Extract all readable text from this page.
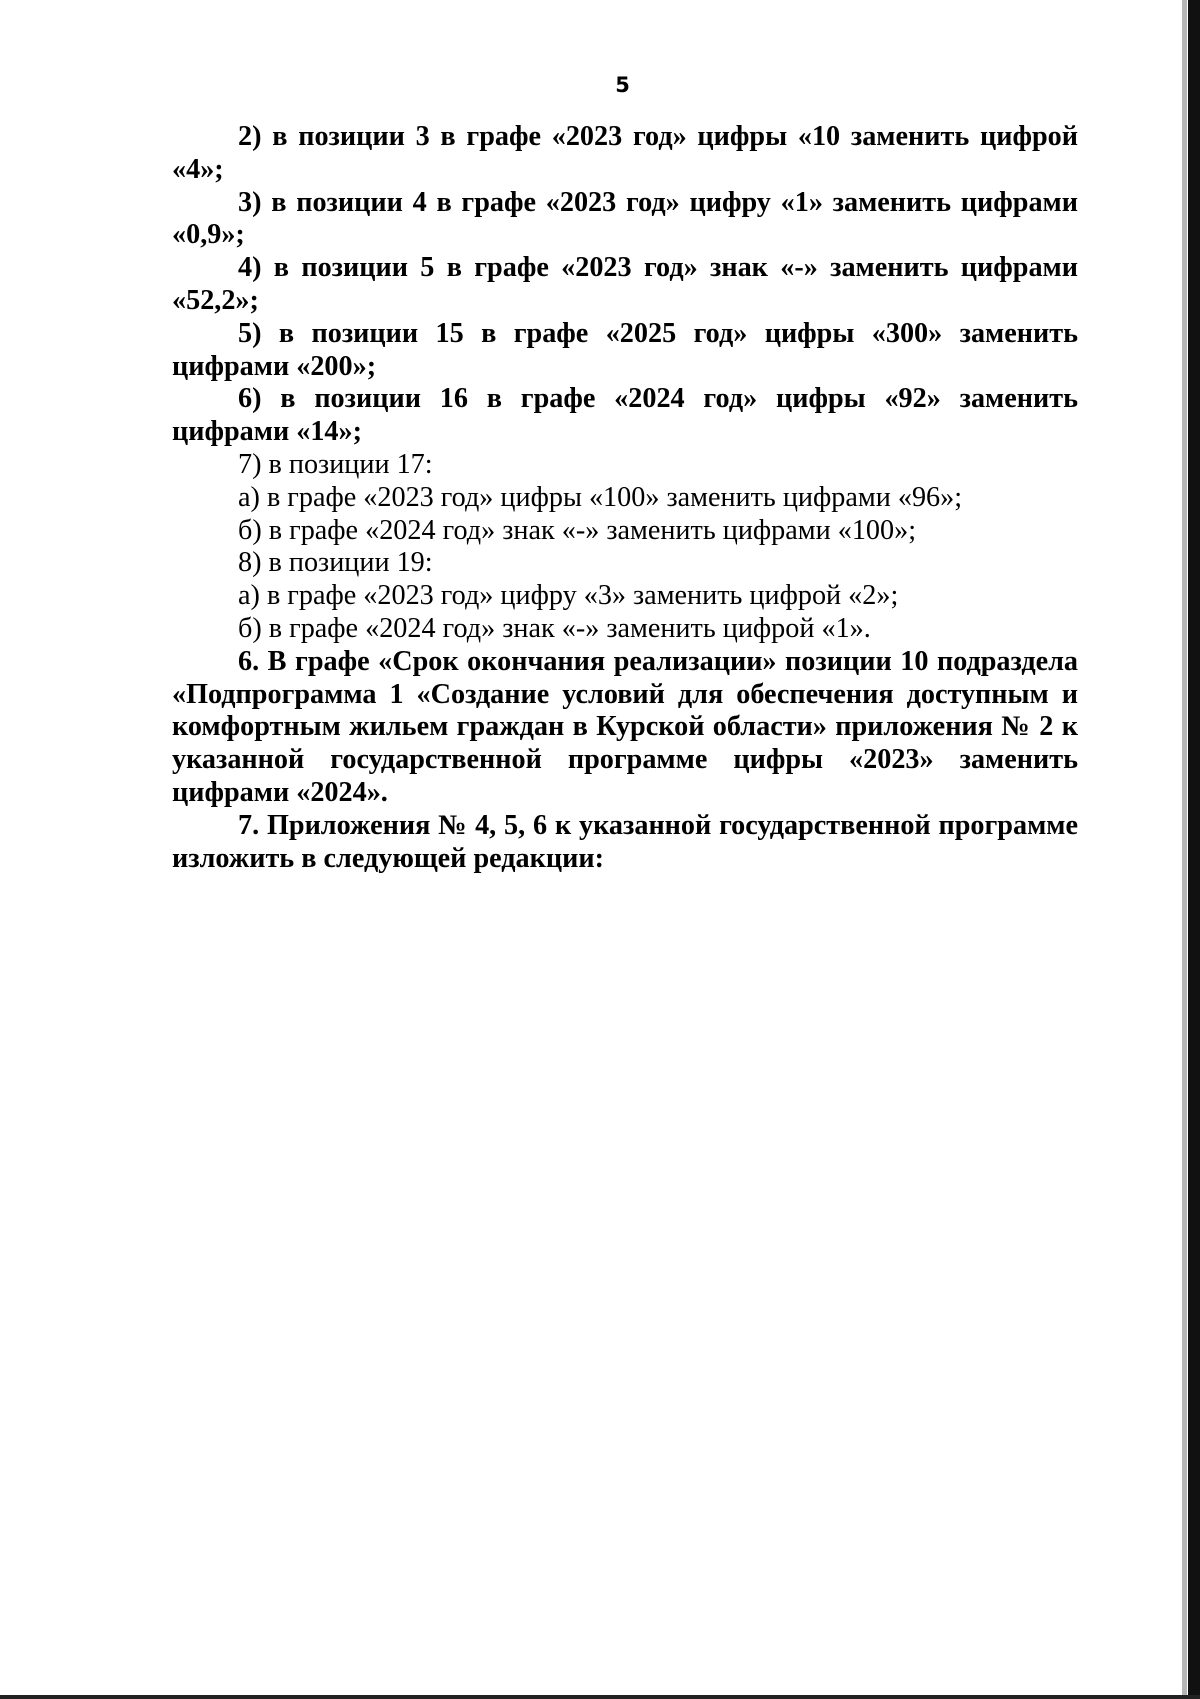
5

2) в позиции 3 в графе «2023 год» цифры «10 заменить цифрой «4»;

3) в позиции 4 в графе «2023 год» цифру «1» заменить цифрами «0,9»;

4) в позиции 5 в графе «2023 год» знак «-» заменить цифрами «52,2»;

5) в позиции 15 в графе «2025 год» цифры «300» заменить цифрами «200»;

6) в позиции 16 в графе «2024 год» цифры «92» заменить цифрами «14»;

7) в позиции 17:

а) в графе «2023 год» цифры «100» заменить цифрами «96»;

б) в графе «2024 год» знак «-» заменить цифрами «100»;

8) в позиции 19:

а) в графе «2023 год» цифру «3» заменить цифрой «2»;

б) в графе «2024 год» знак «-» заменить цифрой «1».

6. В графе «Срок окончания реализации» позиции 10 подраздела «Подпрограмма 1 «Создание условий для обеспечения доступным и комфортным жильем граждан в Курской области» приложения № 2 к указанной государственной программе цифры «2023» заменить цифрами «2024».

7. Приложения № 4, 5, 6 к указанной государственной программе изложить в следующей редакции:
